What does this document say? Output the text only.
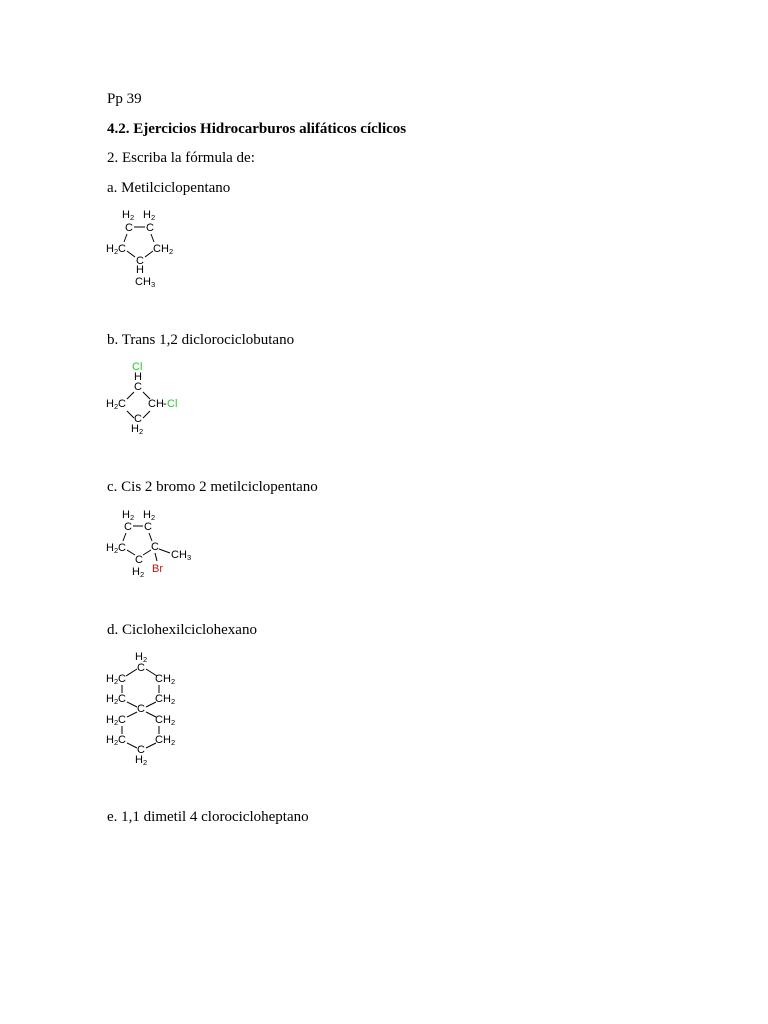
Pp 39

4.2. Ejercicios Hidrocarburos alifáticos cíclicos

2. Escriba la fórmula de:

a. Metilciclopentano

H 2 H 2
C C
H 2 C CH 2
C
H
CH 3

b. Trans 1,2 diclorociclobutano

Cl
H
C
H 2 C CH - Cl
C
H 2

c. Cis 2 bromo 2 metilciclopentano

H 2 H 2
C C
H 2 C C
CH 3
C
H 2 Br

d. Ciclohexilciclohexano

H 2
C
H 2 C	CH 2
H 2 C	CH 2
C
H 2 C	CH 2
H 2 C	CH 2
C
H 2

e. 1,1 dimetil 4 clorocicloheptano
